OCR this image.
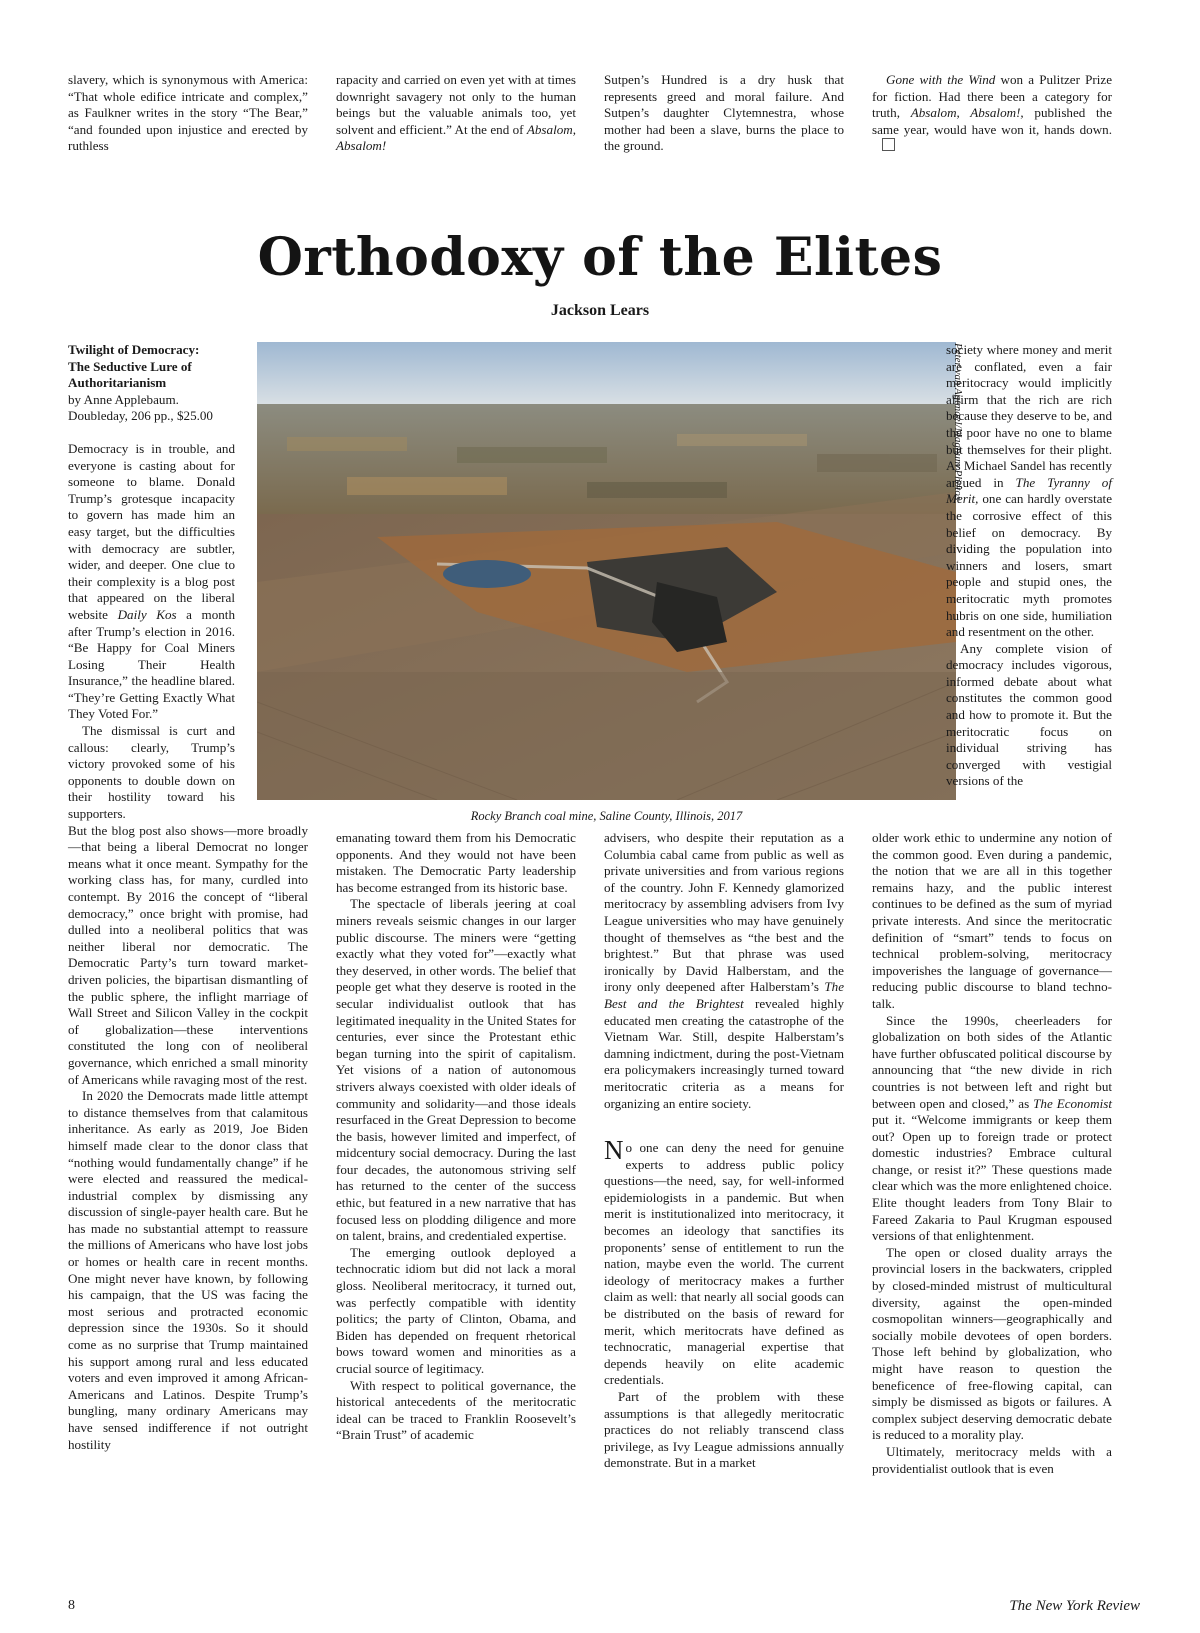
slavery, which is synonymous with America: “That whole edifice intricate and complex,” as Faulkner writes in the story “The Bear,” “and founded upon injustice and erected by ruthless

rapacity and carried on even yet with at times downright savagery not only to the human beings but the valuable animals too, yet solvent and efficient.” At the end of Absalom, Absalom!

Sutpen’s Hundred is a dry husk that represents greed and moral failure. And Sutpen’s daughter Clytemnestra, whose mother had been a slave, burns the place to the ground.

Gone with the Wind won a Pulitzer Prize for fiction. Had there been a category for truth, Absalom, Absalom!, published the same year, would have won it, hands down.

Orthodoxy of the Elites
Jackson Lears
Peter van Agtmael/Magnum Photos
Rocky Branch coal mine, Saline County, Illinois, 2017
Twilight of Democracy:
The Seductive Lure of
Authoritarianism
by Anne Applebaum.
Doubleday, 206 pp., $25.00

Democracy is in trouble, and everyone is casting about for someone to blame. Donald Trump’s grotesque incapacity to govern has made him an easy target, but the difficulties with democracy are subtler, wider, and deeper. One clue to their complexity is a blog post that appeared on the liberal website Daily Kos a month after Trump’s election in 2016. “Be Happy for Coal Miners Losing Their Health Insurance,” the headline blared. “They’re Getting Exactly What They Voted For.”

The dismissal is curt and callous: clearly, Trump’s victory provoked some of his opponents to double down on their hostility toward his supporters.

But the blog post also shows—more broadly—that being a liberal Democrat no longer means what it once meant. Sympathy for the working class has, for many, curdled into contempt. By 2016 the concept of “liberal democracy,” once bright with promise, had dulled into a neoliberal politics that was neither liberal nor democratic. The Democratic Party’s turn toward market-driven policies, the bipartisan dismantling of the public sphere, the inflight marriage of Wall Street and Silicon Valley in the cockpit of globalization—these interventions constituted the long con of neoliberal governance, which enriched a small minority of Americans while ravaging most of the rest.

In 2020 the Democrats made little attempt to distance themselves from that calamitous inheritance. As early as 2019, Joe Biden himself made clear to the donor class that “nothing would fundamentally change” if he were elected and reassured the medical-industrial complex by dismissing any discussion of single-payer health care. But he has made no substantial attempt to reassure the millions of Americans who have lost jobs or homes or health care in recent months. One might never have known, by following his campaign, that the US was facing the most serious and protracted economic depression since the 1930s. So it should come as no surprise that Trump maintained his support among rural and less educated voters and even improved it among African-Americans and Latinos. Despite Trump’s bungling, many ordinary Americans may have sensed indifference if not outright hostility

emanating toward them from his Democratic opponents. And they would not have been mistaken. The Democratic Party leadership has become estranged from its historic base.

The spectacle of liberals jeering at coal miners reveals seismic changes in our larger public discourse. The miners were “getting exactly what they voted for”—exactly what they deserved, in other words. The belief that people get what they deserve is rooted in the secular individualist outlook that has legitimated inequality in the United States for centuries, ever since the Protestant ethic began turning into the spirit of capitalism. Yet visions of a nation of autonomous strivers always coexisted with older ideals of community and solidarity—and those ideals resurfaced in the Great Depression to become the basis, however limited and imperfect, of midcentury social democracy. During the last four decades, the autonomous striving self has returned to the center of the success ethic, but featured in a new narrative that has focused less on plodding diligence and more on talent, brains, and credentialed expertise.

The emerging outlook deployed a technocratic idiom but did not lack a moral gloss. Neoliberal meritocracy, it turned out, was perfectly compatible with identity politics; the party of Clinton, Obama, and Biden has depended on frequent rhetorical bows toward women and minorities as a crucial source of legitimacy.

With respect to political governance, the historical antecedents of the meritocratic ideal can be traced to Franklin Roosevelt’s “Brain Trust” of academic

advisers, who despite their reputation as a Columbia cabal came from public as well as private universities and from various regions of the country. John F. Kennedy glamorized meritocracy by assembling advisers from Ivy League universities who may have genuinely thought of themselves as “the best and the brightest.” But that phrase was used ironically by David Halberstam, and the irony only deepened after Halberstam’s The Best and the Brightest revealed highly educated men creating the catastrophe of the Vietnam War. Still, despite Halberstam’s damning indictment, during the post-Vietnam era policymakers increasingly turned toward meritocratic criteria as a means for organizing an entire society.

No one can deny the need for genuine experts to address public policy questions—the need, say, for well-informed epidemiologists in a pandemic. But when merit is institutionalized into meritocracy, it becomes an ideology that sanctifies its proponents’ sense of entitlement to run the nation, maybe even the world. The current ideology of meritocracy makes a further claim as well: that nearly all social goods can be distributed on the basis of reward for merit, which meritocrats have defined as technocratic, managerial expertise that depends heavily on elite academic credentials.

Part of the problem with these assumptions is that allegedly meritocratic practices do not reliably transcend class privilege, as Ivy League admissions annually demonstrate. But in a market

society where money and merit are conflated, even a fair meritocracy would implicitly affirm that the rich are rich because they deserve to be, and the poor have no one to blame but themselves for their plight. As Michael Sandel has recently argued in The Tyranny of Merit, one can hardly overstate the corrosive effect of this belief on democracy. By dividing the population into winners and losers, smart people and stupid ones, the meritocratic myth promotes hubris on one side, humiliation and resentment on the other.

Any complete vision of democracy includes vigorous, informed debate about what constitutes the common good and how to promote it. But the meritocratic focus on individual striving has converged with vestigial versions of the

older work ethic to undermine any notion of the common good. Even during a pandemic, the notion that we are all in this together remains hazy, and the public interest continues to be defined as the sum of myriad private interests. And since the meritocratic definition of “smart” tends to focus on technical problem-solving, meritocracy impoverishes the language of governance—reducing public discourse to bland techno-talk.

Since the 1990s, cheerleaders for globalization on both sides of the Atlantic have further obfuscated political discourse by announcing that “the new divide in rich countries is not between left and right but between open and closed,” as The Economist put it. “Welcome immigrants or keep them out? Open up to foreign trade or protect domestic industries? Embrace cultural change, or resist it?” These questions made clear which was the more enlightened choice. Elite thought leaders from Tony Blair to Fareed Zakaria to Paul Krugman espoused versions of that enlightenment.

The open or closed duality arrays the provincial losers in the backwaters, crippled by closed-minded mistrust of multicultural diversity, against the open-minded cosmopolitan winners—geographically and socially mobile devotees of open borders. Those left behind by globalization, who might have reason to question the beneficence of free-flowing capital, can simply be dismissed as bigots or failures. A complex subject deserving democratic debate is reduced to a morality play.

Ultimately, meritocracy melds with a providentialist outlook that is even

8	The New York Review
